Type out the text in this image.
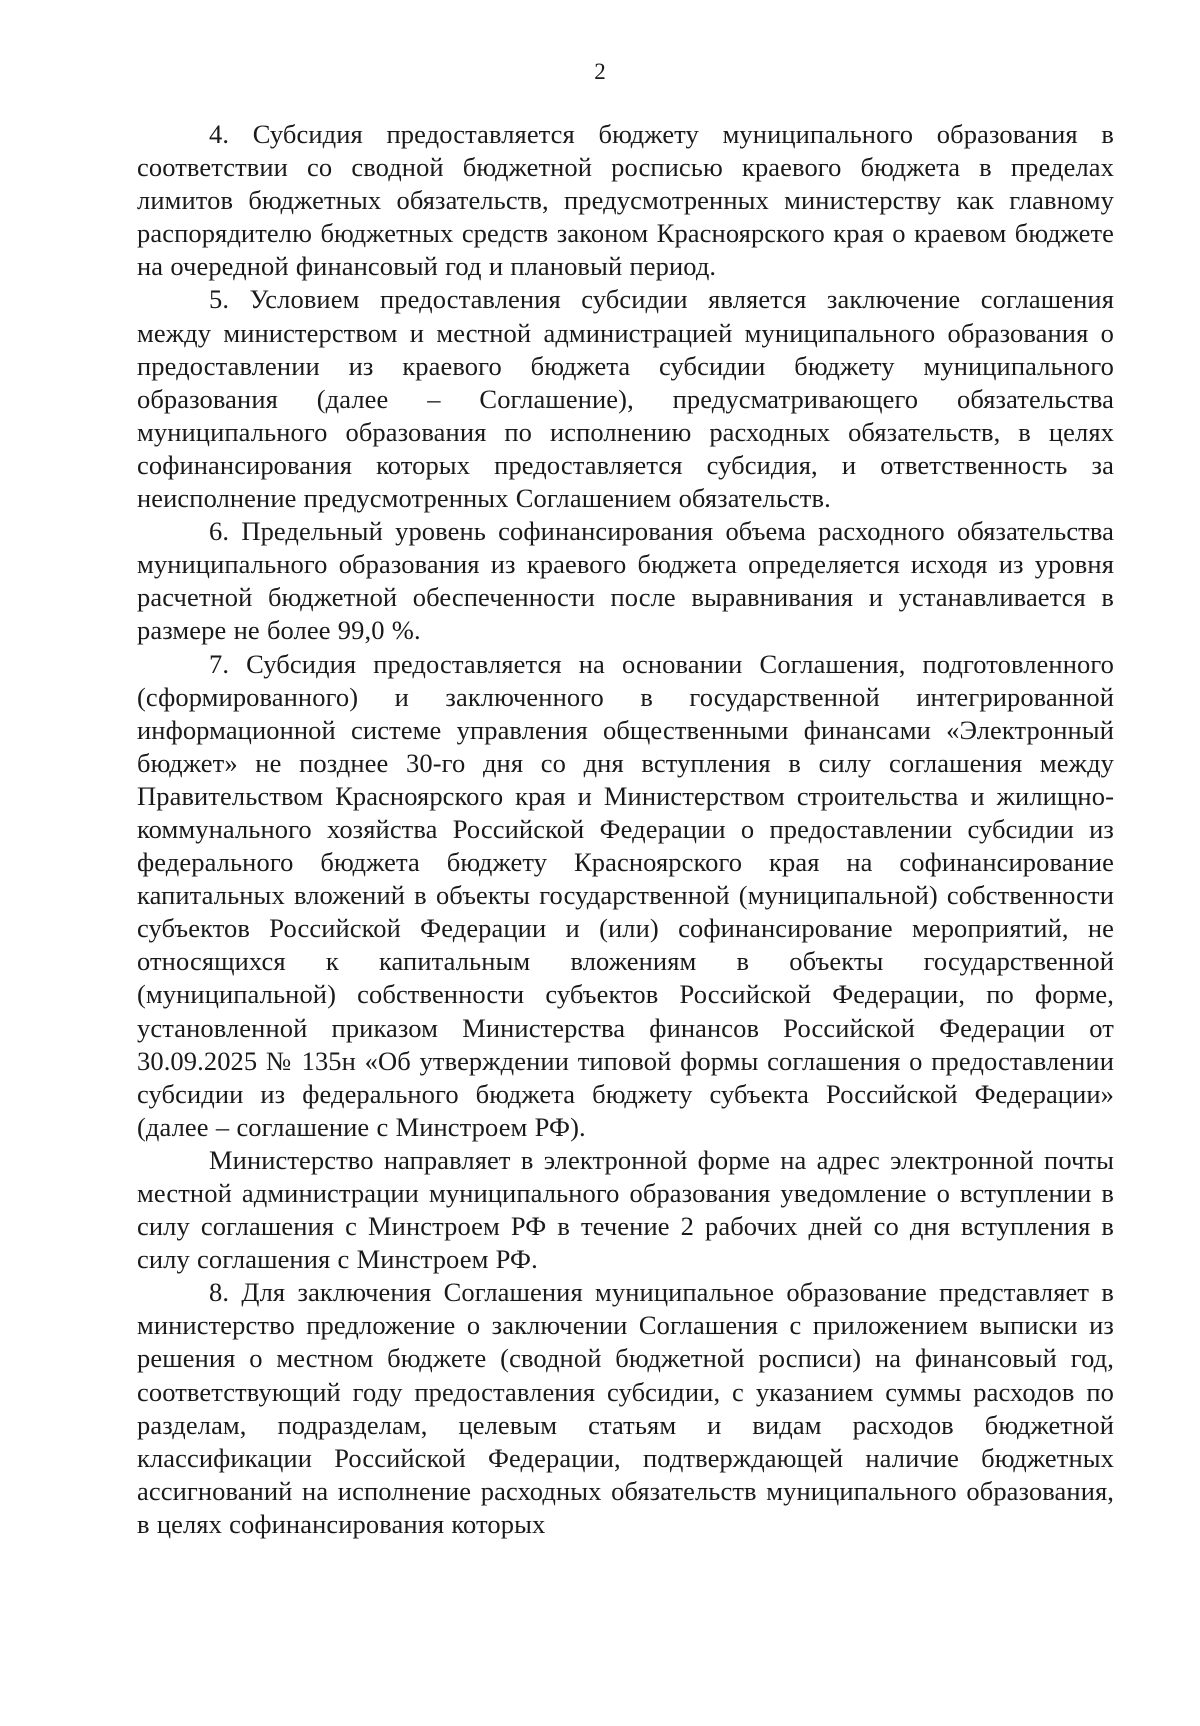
2

4. Субсидия предоставляется бюджету муниципального образования в соответствии со сводной бюджетной росписью краевого бюджета в пределах лимитов бюджетных обязательств, предусмотренных министерству как главному распорядителю бюджетных средств законом Красноярского края о краевом бюджете на очередной финансовый год и плановый период.

5. Условием предоставления субсидии является заключение соглашения между министерством и местной администрацией муниципального образования о предоставлении из краевого бюджета субсидии бюджету муниципального образования (далее – Соглашение), предусматривающего обязательства муниципального образования по исполнению расходных обязательств, в целях софинансирования которых предоставляется субсидия, и ответственность за неисполнение предусмотренных Соглашением обязательств.

6. Предельный уровень софинансирования объема расходного обязательства муниципального образования из краевого бюджета определяется исходя из уровня расчетной бюджетной обеспеченности после выравнивания и устанавливается в размере не более 99,0 %.

7. Субсидия предоставляется на основании Соглашения, подготовленного (сформированного) и заключенного в государственной интегрированной информационной системе управления общественными финансами «Электронный бюджет» не позднее 30-го дня со дня вступления в силу соглашения между Правительством Красноярского края и Министерством строительства и жилищно-коммунального хозяйства Российской Федерации о предоставлении субсидии из федерального бюджета бюджету Красноярского края на софинансирование капитальных вложений в объекты государственной (муниципальной) собственности субъектов Российской Федерации и (или) софинансирование мероприятий, не относящихся к капитальным вложениям в объекты государственной (муниципальной) собственности субъектов Российской Федерации, по форме, установленной приказом Министерства финансов Российской Федерации от 30.09.2025 № 135н «Об утверждении типовой формы соглашения о предоставлении субсидии из федерального бюджета бюджету субъекта Российской Федерации» (далее – соглашение с Минстроем РФ).

Министерство направляет в электронной форме на адрес электронной почты местной администрации муниципального образования уведомление о вступлении в силу соглашения с Минстроем РФ в течение 2 рабочих дней со дня вступления в силу соглашения с Минстроем РФ.

8. Для заключения Соглашения муниципальное образование представляет в министерство предложение о заключении Соглашения с приложением выписки из решения о местном бюджете (сводной бюджетной росписи) на финансовый год, соответствующий году предоставления субсидии, с указанием суммы расходов по разделам, подразделам, целевым статьям и видам расходов бюджетной классификации Российской Федерации, подтверждающей наличие бюджетных ассигнований на исполнение расходных обязательств муниципального образования, в целях софинансирования которых
